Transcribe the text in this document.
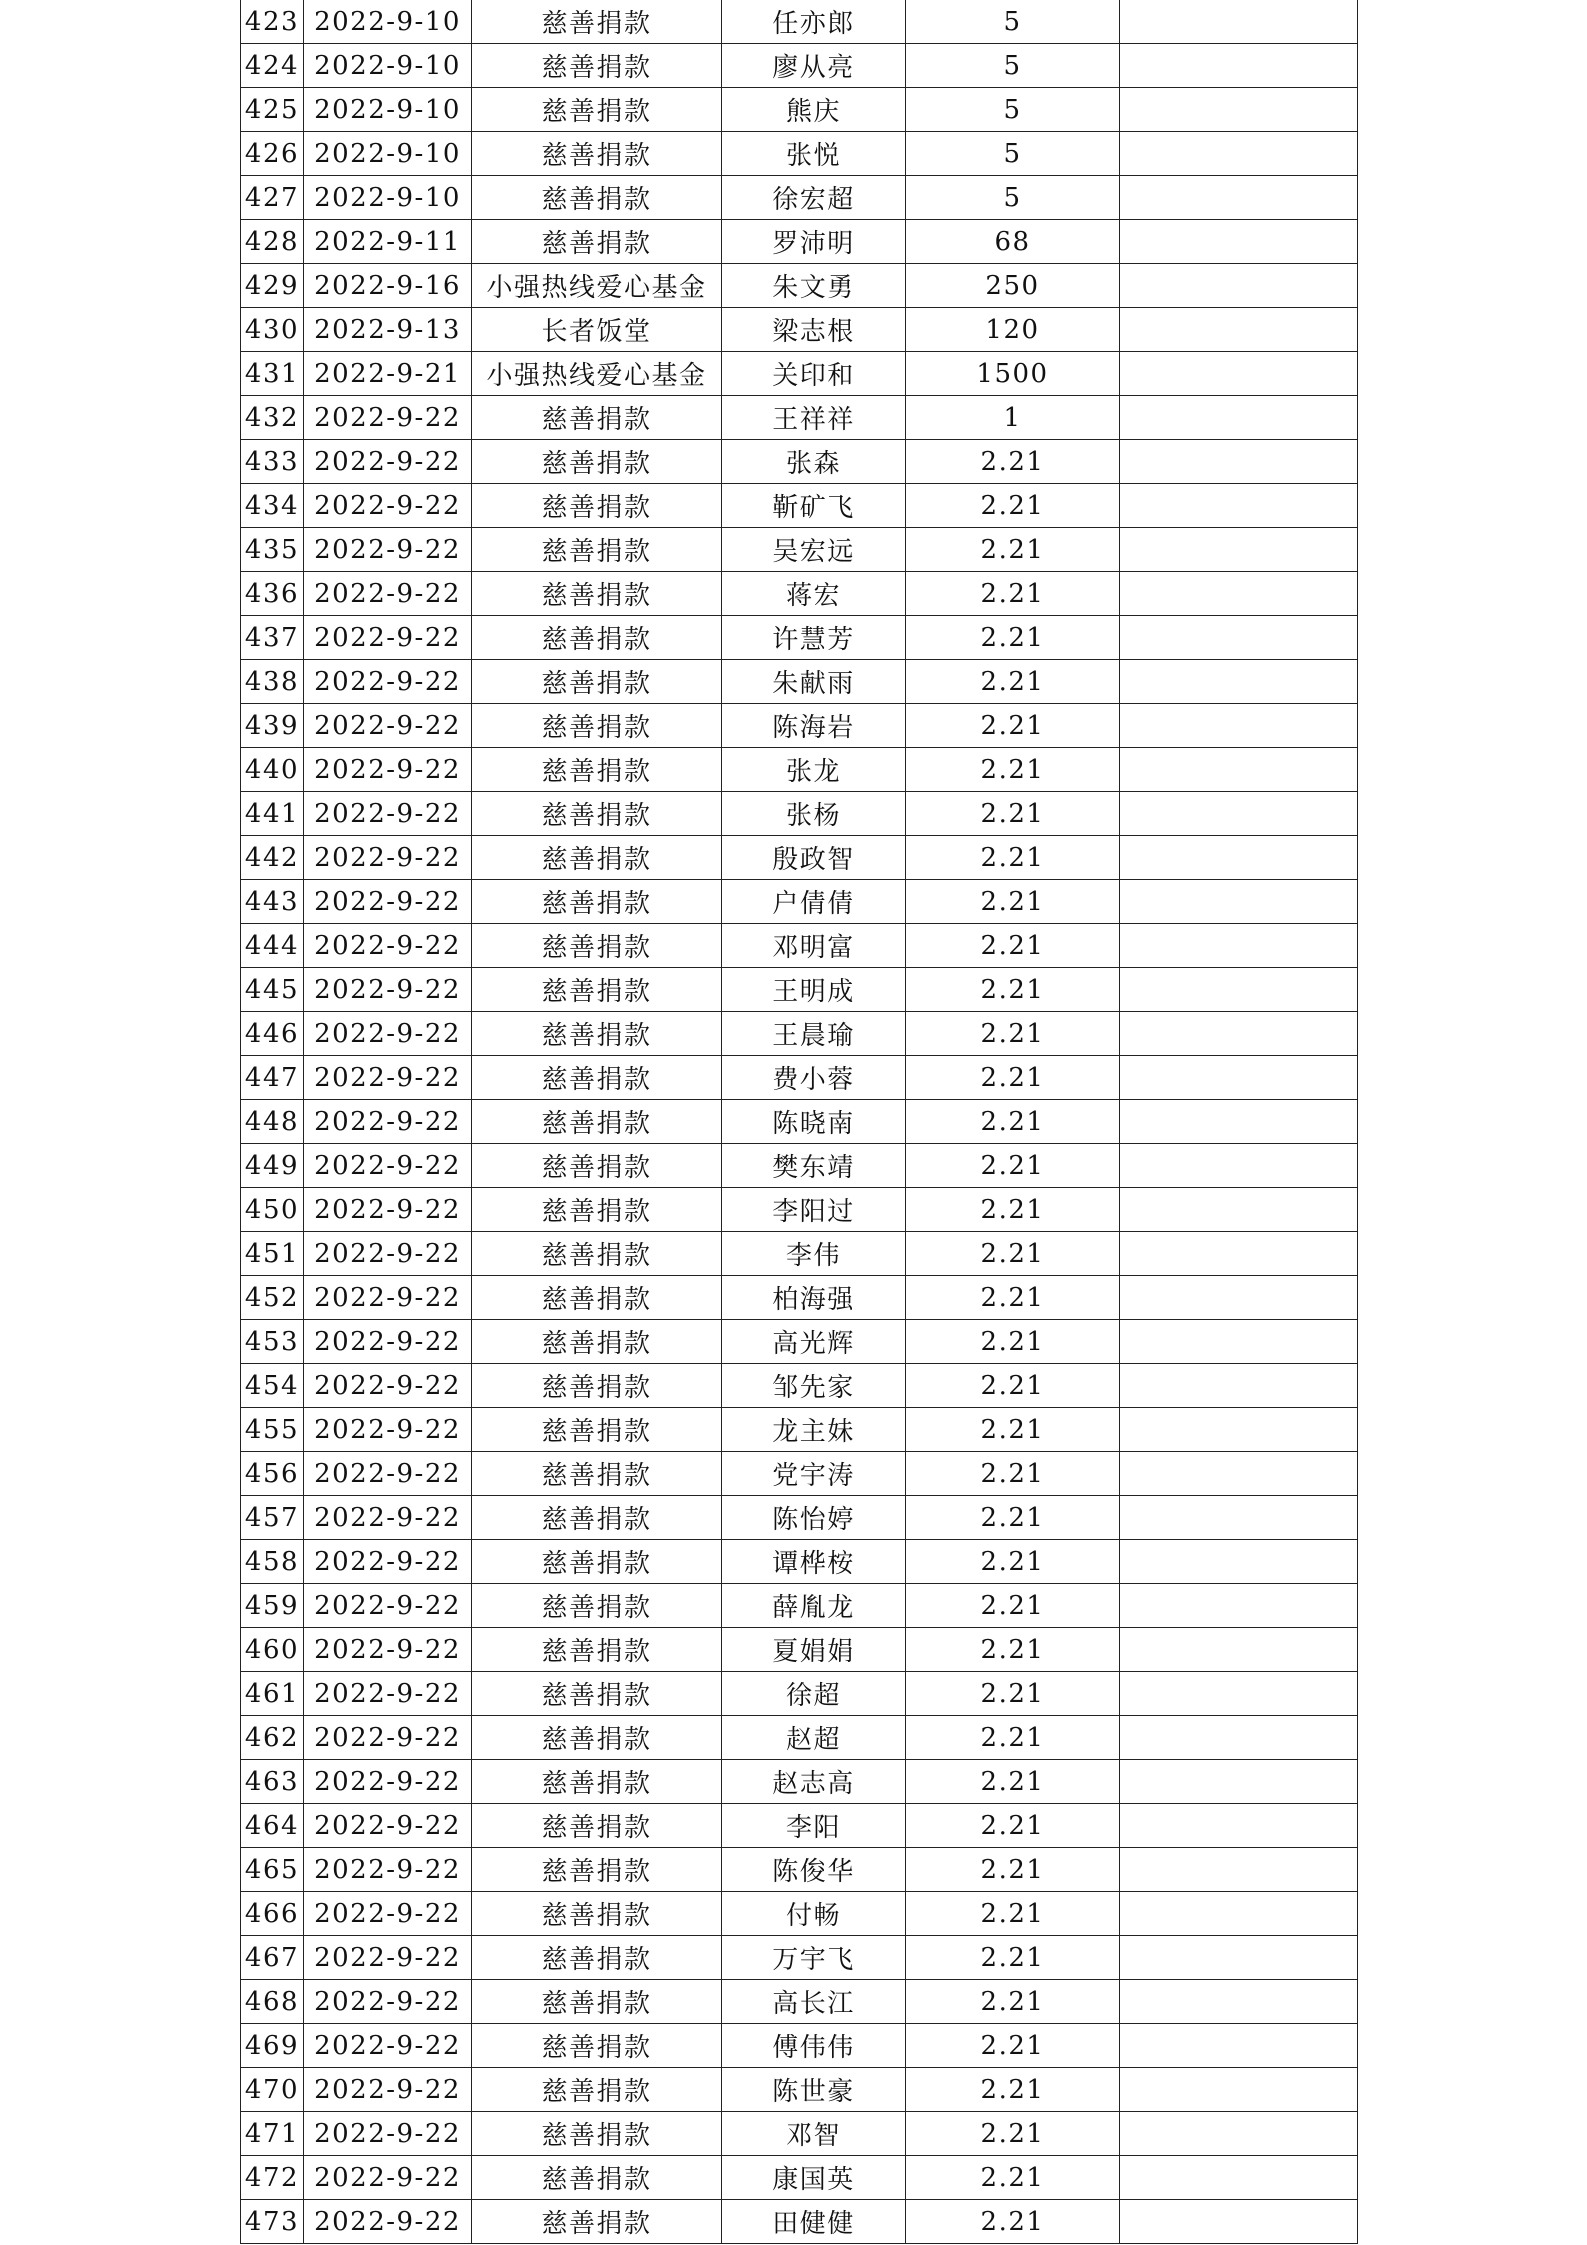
423	2022-9-10	慈善捐款	任亦郎	5	
424	2022-9-10	慈善捐款	廖从亮	5	
425	2022-9-10	慈善捐款	熊庆	5	
426	2022-9-10	慈善捐款	张悦	5	
427	2022-9-10	慈善捐款	徐宏超	5	
428	2022-9-11	慈善捐款	罗沛明	68	
429	2022-9-16	小强热线爱心基金	朱文勇	250	
430	2022-9-13	长者饭堂	梁志根	120	
431	2022-9-21	小强热线爱心基金	关印和	1500	
432	2022-9-22	慈善捐款	王祥祥	1	
433	2022-9-22	慈善捐款	张森	2.21	
434	2022-9-22	慈善捐款	靳矿飞	2.21	
435	2022-9-22	慈善捐款	吴宏远	2.21	
436	2022-9-22	慈善捐款	蒋宏	2.21	
437	2022-9-22	慈善捐款	许慧芳	2.21	
438	2022-9-22	慈善捐款	朱献雨	2.21	
439	2022-9-22	慈善捐款	陈海岩	2.21	
440	2022-9-22	慈善捐款	张龙	2.21	
441	2022-9-22	慈善捐款	张杨	2.21	
442	2022-9-22	慈善捐款	殷政智	2.21	
443	2022-9-22	慈善捐款	户倩倩	2.21	
444	2022-9-22	慈善捐款	邓明富	2.21	
445	2022-9-22	慈善捐款	王明成	2.21	
446	2022-9-22	慈善捐款	王晨瑜	2.21	
447	2022-9-22	慈善捐款	费小蓉	2.21	
448	2022-9-22	慈善捐款	陈晓南	2.21	
449	2022-9-22	慈善捐款	樊东靖	2.21	
450	2022-9-22	慈善捐款	李阳过	2.21	
451	2022-9-22	慈善捐款	李伟	2.21	
452	2022-9-22	慈善捐款	柏海强	2.21	
453	2022-9-22	慈善捐款	高光辉	2.21	
454	2022-9-22	慈善捐款	邹先家	2.21	
455	2022-9-22	慈善捐款	龙主妹	2.21	
456	2022-9-22	慈善捐款	党宇涛	2.21	
457	2022-9-22	慈善捐款	陈怡婷	2.21	
458	2022-9-22	慈善捐款	谭桦桉	2.21	
459	2022-9-22	慈善捐款	薛胤龙	2.21	
460	2022-9-22	慈善捐款	夏娟娟	2.21	
461	2022-9-22	慈善捐款	徐超	2.21	
462	2022-9-22	慈善捐款	赵超	2.21	
463	2022-9-22	慈善捐款	赵志高	2.21	
464	2022-9-22	慈善捐款	李阳	2.21	
465	2022-9-22	慈善捐款	陈俊华	2.21	
466	2022-9-22	慈善捐款	付畅	2.21	
467	2022-9-22	慈善捐款	万宇飞	2.21	
468	2022-9-22	慈善捐款	高长江	2.21	
469	2022-9-22	慈善捐款	傅伟伟	2.21	
470	2022-9-22	慈善捐款	陈世豪	2.21	
471	2022-9-22	慈善捐款	邓智	2.21	
472	2022-9-22	慈善捐款	康国英	2.21	
473	2022-9-22	慈善捐款	田健健	2.21	
